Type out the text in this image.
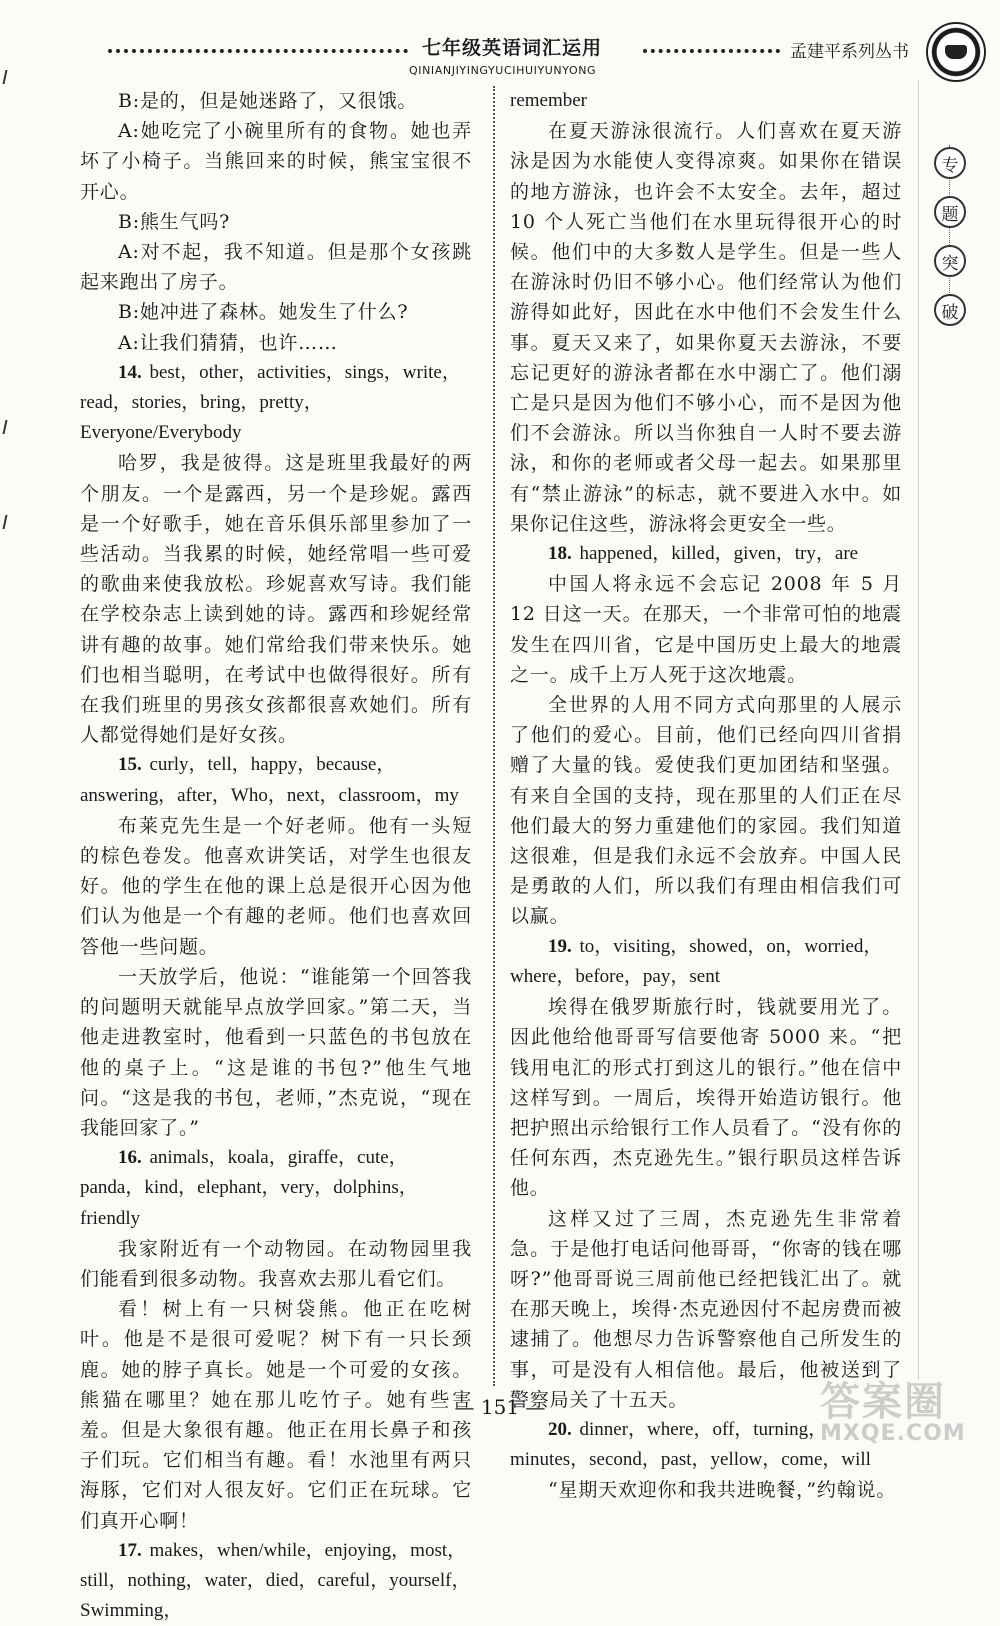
七年级英语词汇运用
QINIANJIYINGYUCIHUIYUNYONG
孟建平系列丛书
专
题
突
破

B:是的，但是她迷路了，又很饿。

A:她吃完了小碗里所有的食物。她也弄坏了小椅子。当熊回来的时候，熊宝宝很不开心。

B:熊生气吗?

A:对不起，我不知道。但是那个女孩跳起来跑出了房子。

B:她冲进了森林。她发生了什么?

A:让我们猜猜，也许……

14. best，other，activities，sings，write，read，stories，bring，pretty，Everyone/Everybody

哈罗，我是彼得。这是班里我最好的两个朋友。一个是露西，另一个是珍妮。露西是一个好歌手，她在音乐俱乐部里参加了一些活动。当我累的时候，她经常唱一些可爱的歌曲来使我放松。珍妮喜欢写诗。我们能在学校杂志上读到她的诗。露西和珍妮经常讲有趣的故事。她们常给我们带来快乐。她们也相当聪明，在考试中也做得很好。所有在我们班里的男孩女孩都很喜欢她们。所有人都觉得她们是好女孩。

15. curly，tell，happy，because，answering，after，Who，next，classroom，my

布莱克先生是一个好老师。他有一头短的棕色卷发。他喜欢讲笑话，对学生也很友好。他的学生在他的课上总是很开心因为他们认为他是一个有趣的老师。他们也喜欢回答他一些问题。

一天放学后，他说：“谁能第一个回答我的问题明天就能早点放学回家。”第二天，当他走进教室时，他看到一只蓝色的书包放在他的桌子上。“这是谁的书包?”他生气地问。“这是我的书包，老师，”杰克说，“现在我能回家了。”

16. animals，koala，giraffe，cute，panda，kind，elephant，very，dolphins，friendly

我家附近有一个动物园。在动物园里我们能看到很多动物。我喜欢去那儿看它们。

看！树上有一只树袋熊。他正在吃树叶。他是不是很可爱呢？树下有一只长颈鹿。她的脖子真长。她是一个可爱的女孩。熊猫在哪里？她在那儿吃竹子。她有些害羞。但是大象很有趣。他正在用长鼻子和孩子们玩。它们相当有趣。看！水池里有两只海豚，它们对人很友好。它们正在玩球。它们真开心啊！

17. makes，when/while，enjoying，most，still，nothing，water，died，careful，yourself，Swimming，

remember

在夏天游泳很流行。人们喜欢在夏天游泳是因为水能使人变得凉爽。如果你在错误的地方游泳，也许会不太安全。去年，超过 10 个人死亡当他们在水里玩得很开心的时候。他们中的大多数人是学生。但是一些人在游泳时仍旧不够小心。他们经常认为他们游得如此好，因此在水中他们不会发生什么事。夏天又来了，如果你夏天去游泳，不要忘记更好的游泳者都在水中溺亡了。他们溺亡是只是因为他们不够小心，而不是因为他们不会游泳。所以当你独自一人时不要去游泳，和你的老师或者父母一起去。如果那里有“禁止游泳”的标志，就不要进入水中。如果你记住这些，游泳将会更安全一些。

18. happened，killed，given，try，are

中国人将永远不会忘记 2008 年 5 月 12 日这一天。在那天，一个非常可怕的地震发生在四川省，它是中国历史上最大的地震之一。成千上万人死于这次地震。

全世界的人用不同方式向那里的人展示了他们的爱心。目前，他们已经向四川省捐赠了大量的钱。爱使我们更加团结和坚强。有来自全国的支持，现在那里的人们正在尽他们最大的努力重建他们的家园。我们知道这很难，但是我们永远不会放弃。中国人民是勇敢的人们，所以我们有理由相信我们可以赢。

19. to，visiting，showed，on，worried，where，before，pay，sent

埃得在俄罗斯旅行时，钱就要用光了。因此他给他哥哥写信要他寄 5000 来。“把钱用电汇的形式打到这儿的银行。”他在信中这样写到。一周后，埃得开始造访银行。他把护照出示给银行工作人员看了。“没有你的任何东西，杰克逊先生。”银行职员这样告诉他。

这样又过了三周，杰克逊先生非常着急。于是他打电话问他哥哥，“你寄的钱在哪呀?”他哥哥说三周前他已经把钱汇出了。就在那天晚上，埃得·杰克逊因付不起房费而被逮捕了。他想尽力告诉警察他自己所发生的事，可是没有人相信他。最后，他被送到了警察局关了十五天。

20. dinner，where，off，turning，minutes，second，past，yellow，come，will

“星期天欢迎你和我共进晚餐，”约翰说。

— 151 —	答案圈
MXQE.COM
